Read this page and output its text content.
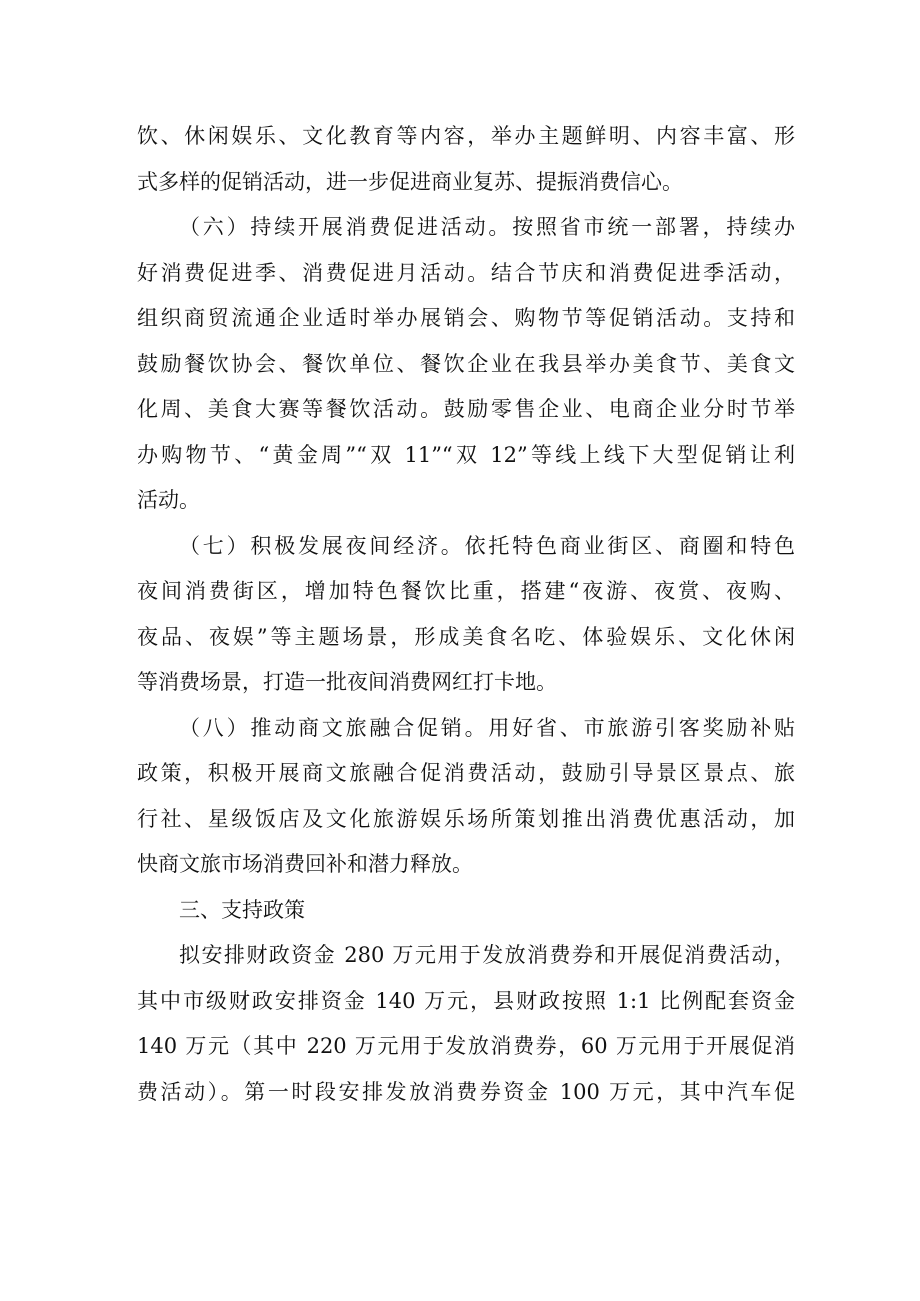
饮、休闲娱乐、文化教育等内容，举办主题鲜明、内容丰富、形
式多样的促销活动，进一步促进商业复苏、提振消费信心。
（六）持续开展消费促进活动。按照省市统一部署，持续办
好消费促进季、消费促进月活动。结合节庆和消费促进季活动，
组织商贸流通企业适时举办展销会、购物节等促销活动。支持和
鼓励餐饮协会、餐饮单位、餐饮企业在我县举办美食节、美食文
化周、美食大赛等餐饮活动。鼓励零售企业、电商企业分时节举
办购物节、“黄金周”“双 11”“双 12”等线上线下大型促销让利
活动。
（七）积极发展夜间经济。依托特色商业街区、商圈和特色
夜间消费街区，增加特色餐饮比重，搭建“夜游、夜赏、夜购、
夜品、夜娱”等主题场景，形成美食名吃、体验娱乐、文化休闲
等消费场景，打造一批夜间消费网红打卡地。
（八）推动商文旅融合促销。用好省、市旅游引客奖励补贴
政策，积极开展商文旅融合促消费活动，鼓励引导景区景点、旅
行社、星级饭店及文化旅游娱乐场所策划推出消费优惠活动，加
快商文旅市场消费回补和潜力释放。
三、支持政策
拟安排财政资金 280 万元用于发放消费券和开展促消费活动，
其中市级财政安排资金 140 万元，县财政按照 1:1 比例配套资金
140 万元（其中 220 万元用于发放消费券，60 万元用于开展促消
费活动）。第一时段安排发放消费券资金 100 万元，其中汽车促
